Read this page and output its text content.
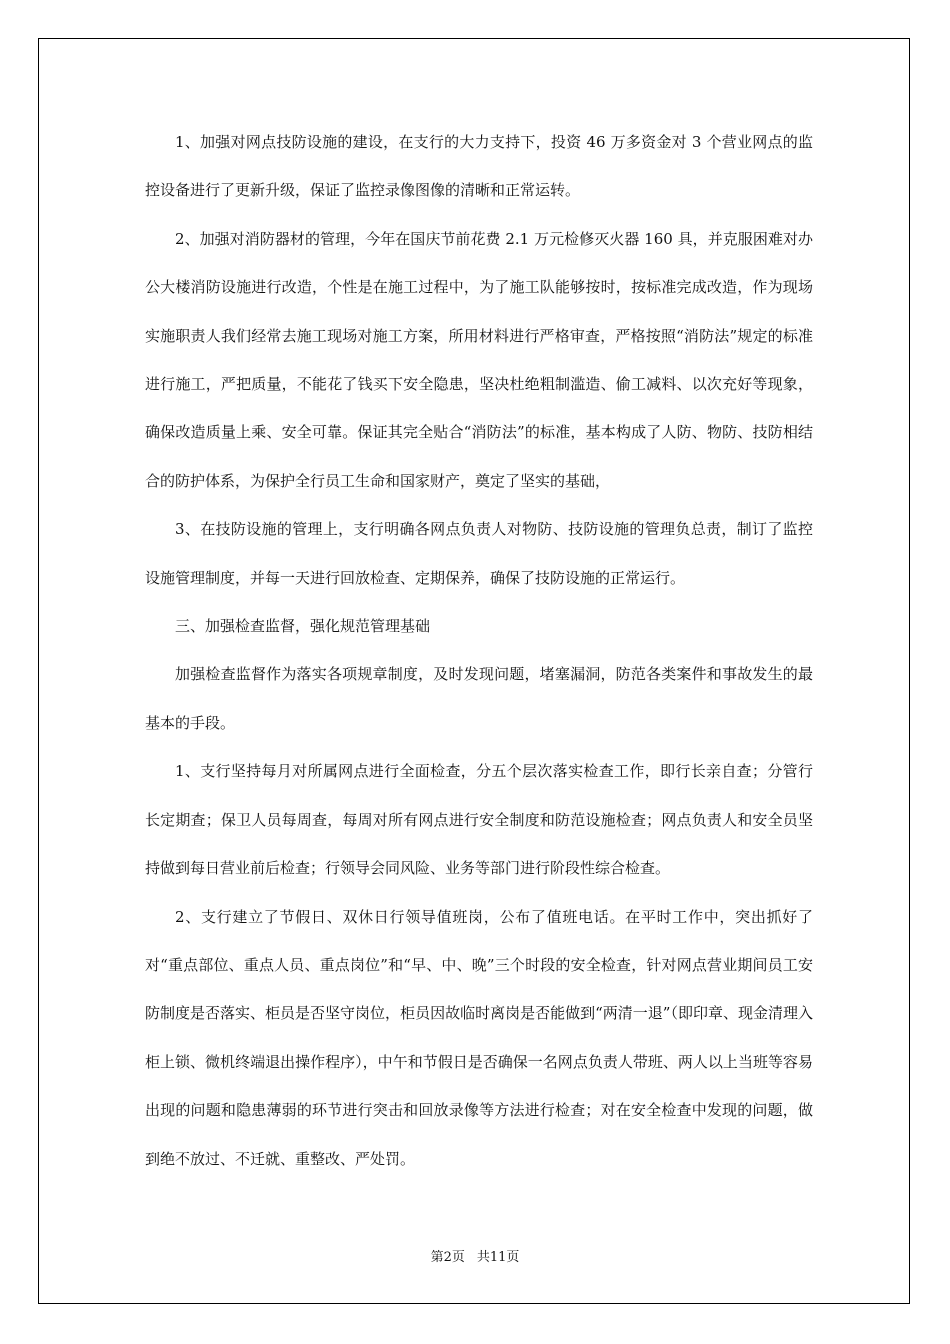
1、加强对网点技防设施的建设，在支行的大力支持下，投资 46 万多资金对 3 个营业网点的监控设备进行了更新升级，保证了监控录像图像的清晰和正常运转。

2、加强对消防器材的管理，今年在国庆节前花费 2.1 万元检修灭火器 160 具，并克服困难对办公大楼消防设施进行改造，个性是在施工过程中，为了施工队能够按时，按标准完成改造，作为现场实施职责人我们经常去施工现场对施工方案，所用材料进行严格审查，严格按照“消防法”规定的标准进行施工，严把质量，不能花了钱买下安全隐患，坚决杜绝粗制滥造、偷工减料、以次充好等现象，确保改造质量上乘、安全可靠。保证其完全贴合“消防法”的标准，基本构成了人防、物防、技防相结合的防护体系，为保护全行员工生命和国家财产，奠定了坚实的基础，

3、在技防设施的管理上，支行明确各网点负责人对物防、技防设施的管理负总责，制订了监控设施管理制度，并每一天进行回放检查、定期保养，确保了技防设施的正常运行。

三、加强检查监督，强化规范管理基础

加强检查监督作为落实各项规章制度，及时发现问题，堵塞漏洞，防范各类案件和事故发生的最基本的手段。

1、支行坚持每月对所属网点进行全面检查，分五个层次落实检查工作，即行长亲自查；分管行长定期查；保卫人员每周查，每周对所有网点进行安全制度和防范设施检查；网点负责人和安全员坚持做到每日营业前后检查；行领导会同风险、业务等部门进行阶段性综合检查。

2、支行建立了节假日、双休日行领导值班岗，公布了值班电话。在平时工作中，突出抓好了对“重点部位、重点人员、重点岗位”和“早、中、晚”三个时段的安全检查，针对网点营业期间员工安防制度是否落实、柜员是否坚守岗位，柜员因故临时离岗是否能做到“两清一退”（即印章、现金清理入柜上锁、微机终端退出操作程序），中午和节假日是否确保一名网点负责人带班、两人以上当班等容易出现的问题和隐患薄弱的环节进行突击和回放录像等方法进行检查；对在安全检查中发现的问题，做到绝不放过、不迁就、重整改、严处罚。

第2页 共11页
